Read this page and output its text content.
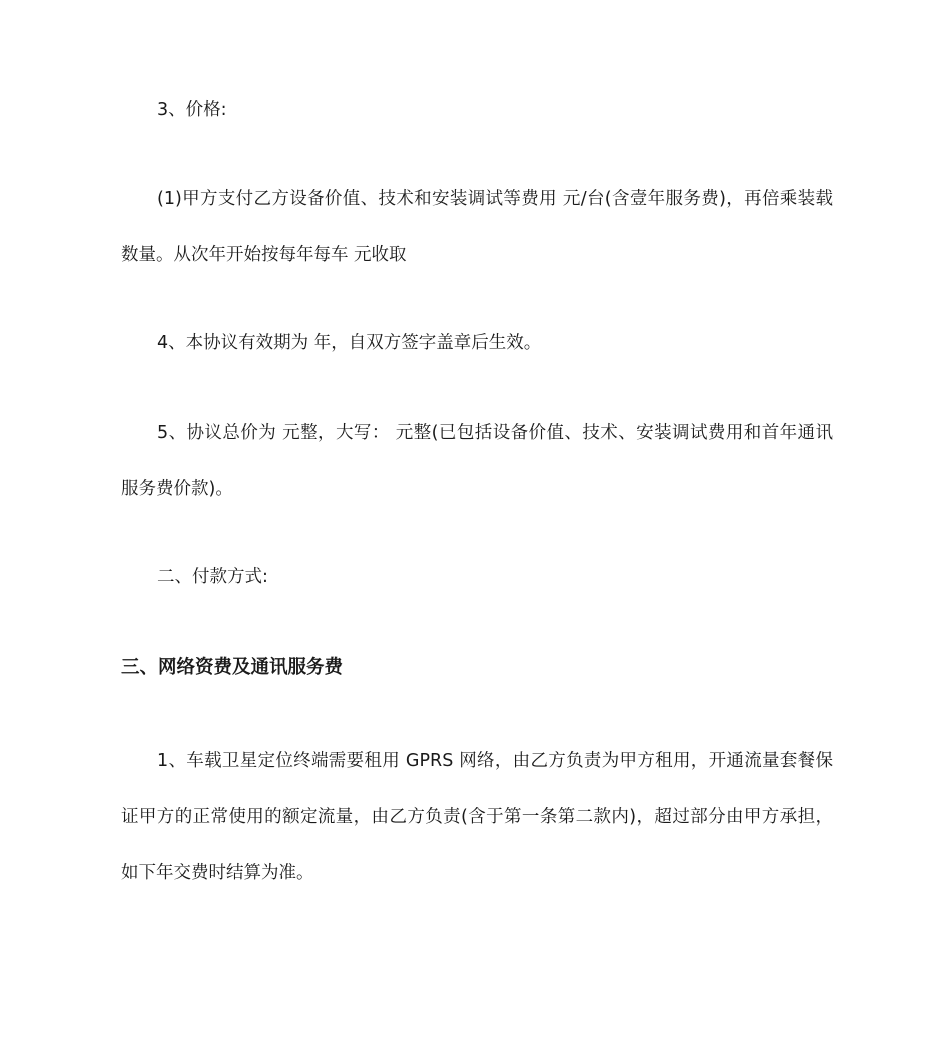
3、价格:

(1)甲方支付乙方设备价值、技术和安装调试等费用 元/台(含壹年服务费)，再倍乘装载数量。从次年开始按每年每车 元收取

4、本协议有效期为 年，自双方签字盖章后生效。

5、协议总价为 元整，大写： 元整(已包括设备价值、技术、安装调试费用和首年通讯服务费价款)。

二、付款方式:

三、网络资费及通讯服务费

1、车载卫星定位终端需要租用 GPRS 网络，由乙方负责为甲方租用，开通流量套餐保证甲方的正常使用的额定流量，由乙方负责(含于第一条第二款内)，超过部分由甲方承担，如下年交费时结算为准。
